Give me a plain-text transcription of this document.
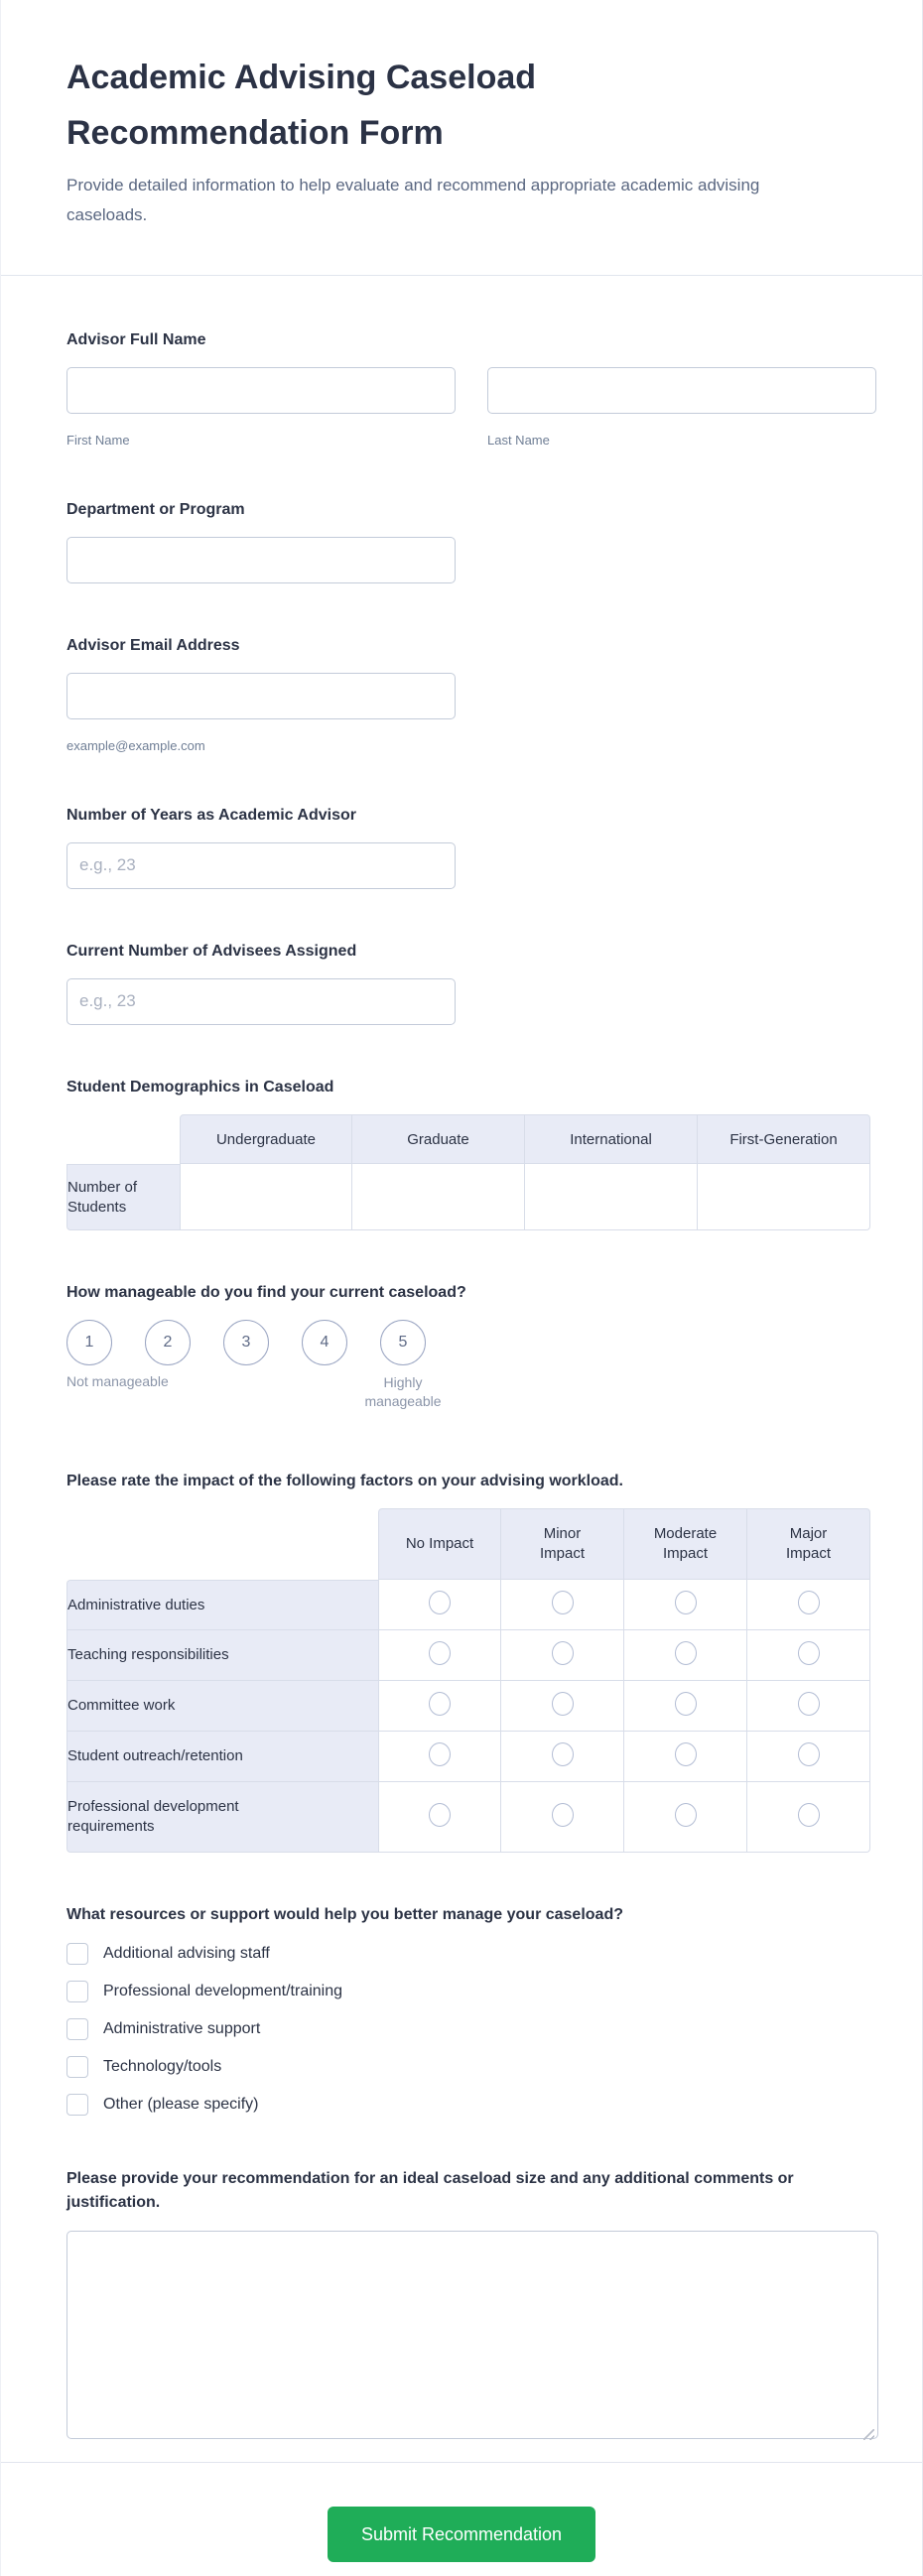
Academic Advising Caseload Recommendation Form

Provide detailed information to help evaluate and recommend appropriate academic advising caseloads.

Advisor Full Name
First Name	Last Name
Department or Program
Advisor Email Address
example@example.com
Number of Years as Academic Advisor
e.g., 23
Current Number of Advisees Assigned
e.g., 23
Student Demographics in Caseload
	Undergraduate	Graduate	International	First-Generation
Number of Students				
How manageable do you find your current caseload?
1	2	3	4	5
Not manageable	Highly manageable
Please rate the impact of the following factors on your advising workload.
	No Impact	Minor Impact	Moderate Impact	Major Impact
Administrative duties				
Teaching responsibilities				
Committee work				
Student outreach/retention				
Professional development requirements				
What resources or support would help you better manage your caseload?
Additional advising staff
Professional development/training
Administrative support
Technology/tools
Other (please specify)
Please provide your recommendation for an ideal caseload size and any additional comments or justification.
Submit Recommendation
